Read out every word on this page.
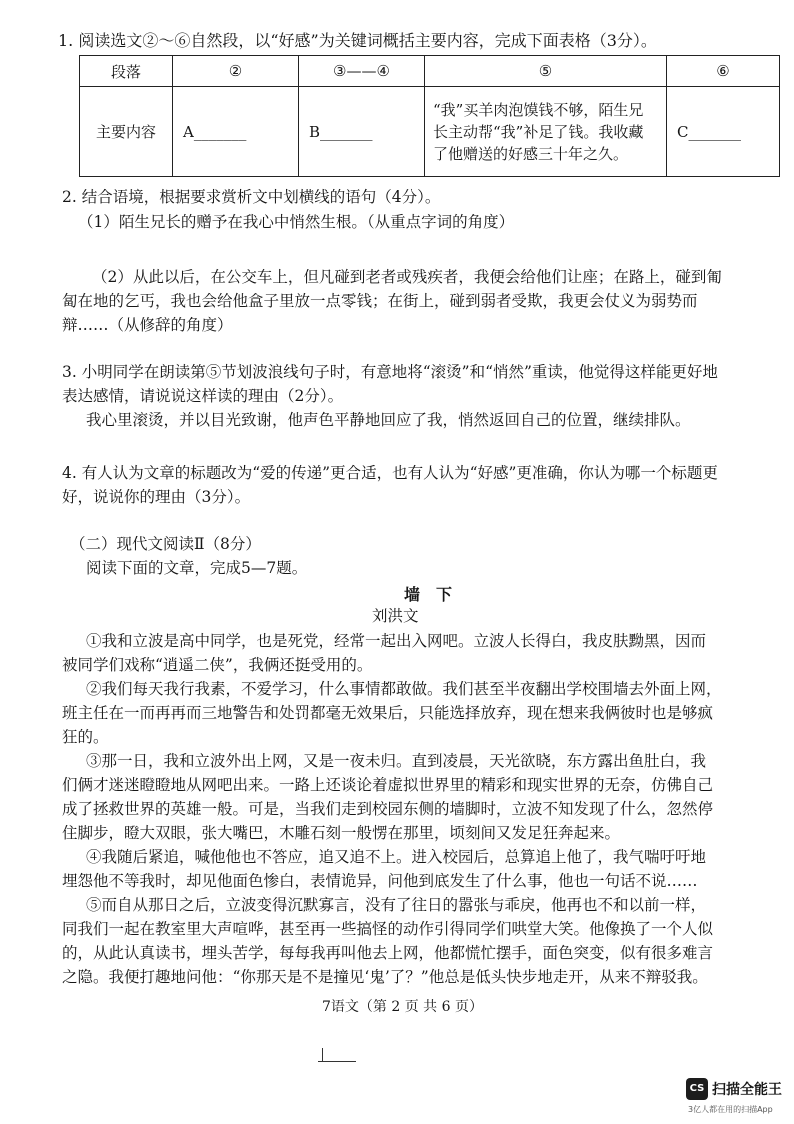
1. 阅读选文②～⑥自然段，以“好感”为关键词概括主要内容，完成下面表格（3分）。
段落	②	③——④	⑤	⑥
主要内容	A_______	B_______	“我”买羊肉泡馍钱不够，陌生兄长主动帮“我”补足了钱。我收藏了他赠送的好感三十年之久。	C_______
2. 结合语境，根据要求赏析文中划横线的语句（4分）。
（1）陌生兄长的赠予在我心中悄然生根。（从重点字词的角度）
（2）从此以后，在公交车上，但凡碰到老者或残疾者，我便会给他们让座；在路上，碰到匍
匐在地的乞丐，我也会给他盒子里放一点零钱；在街上，碰到弱者受欺，我更会仗义为弱势而
辩……（从修辞的角度）
3. 小明同学在朗读第⑤节划波浪线句子时，有意地将“滚烫”和“悄然”重读，他觉得这样能更好地
表达感情，请说说这样读的理由（2分）。
我心里滚烫，并以目光致谢，他声色平静地回应了我，悄然返回自己的位置，继续排队。
4. 有人认为文章的标题改为“爱的传递”更合适，也有人认为“好感”更准确，你认为哪一个标题更
好，说说你的理由（3分）。
（二）现代文阅读Ⅱ（8分）
阅读下面的文章，完成5—7题。
墙　下
刘洪文
①我和立波是高中同学，也是死党，经常一起出入网吧。立波人长得白，我皮肤黝黑，因而
被同学们戏称“逍遥二侠”，我俩还挺受用的。
②我们每天我行我素，不爱学习，什么事情都敢做。我们甚至半夜翻出学校围墙去外面上网，
班主任在一而再再而三地警告和处罚都毫无效果后，只能选择放弃，现在想来我俩彼时也是够疯
狂的。
③那一日，我和立波外出上网，又是一夜未归。直到凌晨，天光欲晓，东方露出鱼肚白，我
们俩才迷迷瞪瞪地从网吧出来。一路上还谈论着虚拟世界里的精彩和现实世界的无奈，仿佛自己
成了拯救世界的英雄一般。可是，当我们走到校园东侧的墙脚时，立波不知发现了什么，忽然停
住脚步，瞪大双眼，张大嘴巴，木雕石刻一般愣在那里，顷刻间又发足狂奔起来。
④我随后紧追，喊他他也不答应，追又追不上。进入校园后，总算追上他了，我气喘吁吁地
埋怨他不等我时，却见他面色惨白，表情诡异，问他到底发生了什么事，他也一句话不说……
⑤而自从那日之后，立波变得沉默寡言，没有了往日的嚣张与乖戾，他再也不和以前一样，
同我们一起在教室里大声喧哗，甚至再一些搞怪的动作引得同学们哄堂大笑。他像换了一个人似
的，从此认真读书，埋头苦学，每每我再叫他去上网，他都慌忙摆手，面色突变，似有很多难言
之隐。我便打趣地问他：“你那天是不是撞见‘鬼’了？”他总是低头快步地走开，从来不辩驳我。
7语文（第 2 页 共 6 页）
CS 扫描全能王
3亿人都在用的扫描App
